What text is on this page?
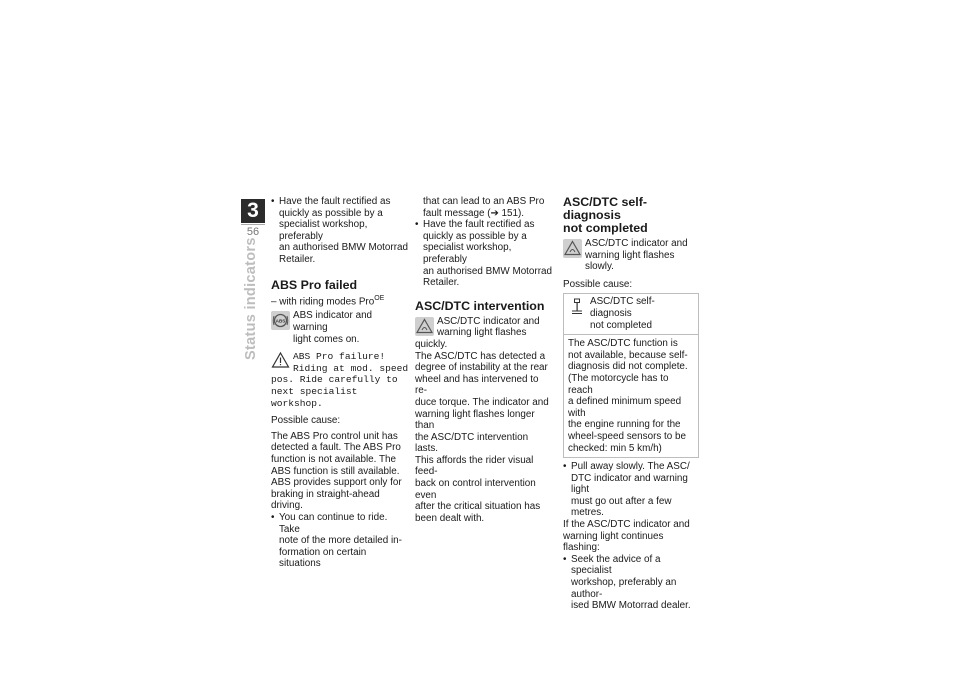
3
56
Status indicators
• Have the fault rectified as

quickly as possible by a

specialist workshop, preferably

an authorised BMW Motorrad

Retailer.

ABS Pro failed

– with riding modes Pro$^{OE}$

ABS ABS indicator and warning

light comes on.

ABS Pro failure!

Riding at mod. speed

pos. Ride carefully to

next specialist workshop.

Possible cause:

The ABS Pro control unit has

detected a fault. The ABS Pro

function is not available. The

ABS function is still available.

ABS provides support only for

braking in straight-ahead driving.

• You can continue to ride. Take

note of the more detailed in-

formation on certain situations

that can lead to an ABS Pro

fault message (➔ 151).

• Have the fault rectified as

quickly as possible by a

specialist workshop, preferably

an authorised BMW Motorrad

Retailer.

ASC/DTC intervention

ASC/DTC indicator and

warning light flashes

quickly.

The ASC/DTC has detected a

degree of instability at the rear

wheel and has intervened to re-

duce torque. The indicator and

warning light flashes longer than

the ASC/DTC intervention lasts.

This affords the rider visual feed-

back on control intervention even

after the critical situation has

been dealt with.

ASC/DTC self-diagnosis
not completed

ASC/DTC indicator and

warning light flashes slowly.

Possible cause:

ASC/DTC self-diagnosis

not completed

The ASC/DTC function is

not available, because self-

diagnosis did not complete.

(The motorcycle has to reach

a defined minimum speed with

the engine running for the

wheel-speed sensors to be

checked: min 5 km/h)

• Pull away slowly. The ASC/

DTC indicator and warning light

must go out after a few metres.

If the ASC/DTC indicator and

warning light continues flashing:

• Seek the advice of a specialist

workshop, preferably an author-

ised BMW Motorrad dealer.
